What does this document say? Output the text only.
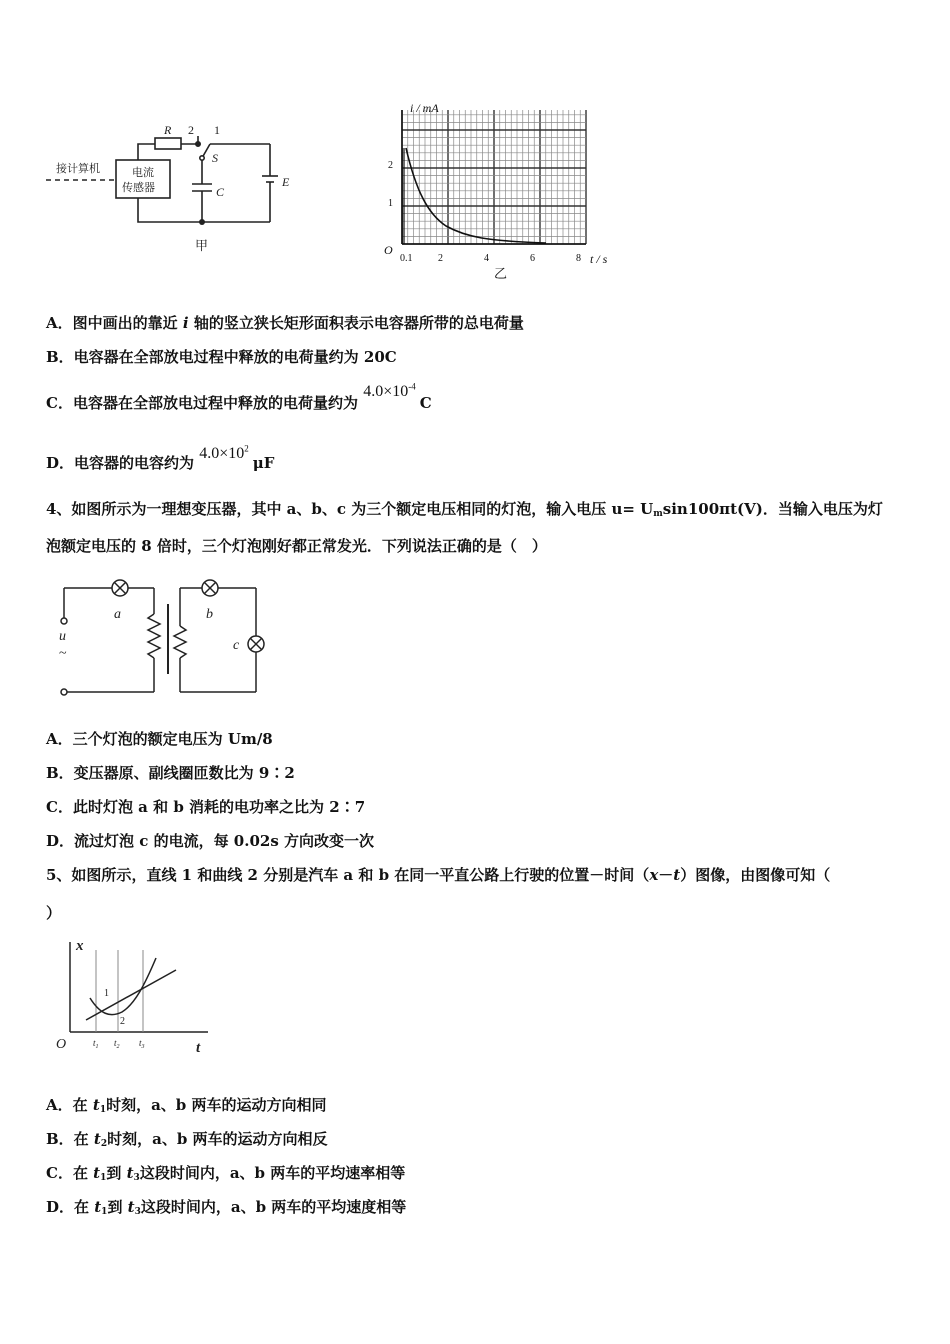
R 2 1
S
C
E
接计算机	电流
传感器
甲
i / mA
t / s
O
0.1	2	4	6	8
1
2
乙
A．图中画出的靠近 i 轴的竖立狭长矩形面积表示电容器所带的总电荷量
B．电容器在全部放电过程中释放的电荷量约为 20C
C．电容器在全部放电过程中释放的电荷量约为 $4.0\times 10^{-4}$ C
D．电容器的电容约为 $4.0\times 10^2$ μF
4、如图所示为一理想变压器，其中 a、b、c 为三个额定电压相同的灯泡，输入电压 $u= U_m\sin 100\pi t(V)$．当输入电压为灯
泡额定电压的 8 倍时，三个灯泡刚好都正常发光．下列说法正确的是（　）
u
~
a	b
c
A．三个灯泡的额定电压为 Um/8
B．变压器原、副线圈匝数比为 9∶2
C．此时灯泡 a 和 b 消耗的电功率之比为 2∶7
D．流过灯泡 c 的电流，每 0.02s 方向改变一次
5、如图所示，直线 1 和曲线 2 分别是汽车 a 和 b 在同一平直公路上行驶的位置－时间（x－t）图像，由图像可知（
）
x
t
O
1
2
$t_1$ $t_2$ $t_3$
A．在 $t_1$时刻，a、b 两车的运动方向相同
B．在 $t_2$时刻，a、b 两车的运动方向相反
C．在 $t_1$到 $t_3$这段时间内，a、b 两车的平均速率相等
D．在 $t_1$到 $t_3$这段时间内，a、b 两车的平均速度相等
